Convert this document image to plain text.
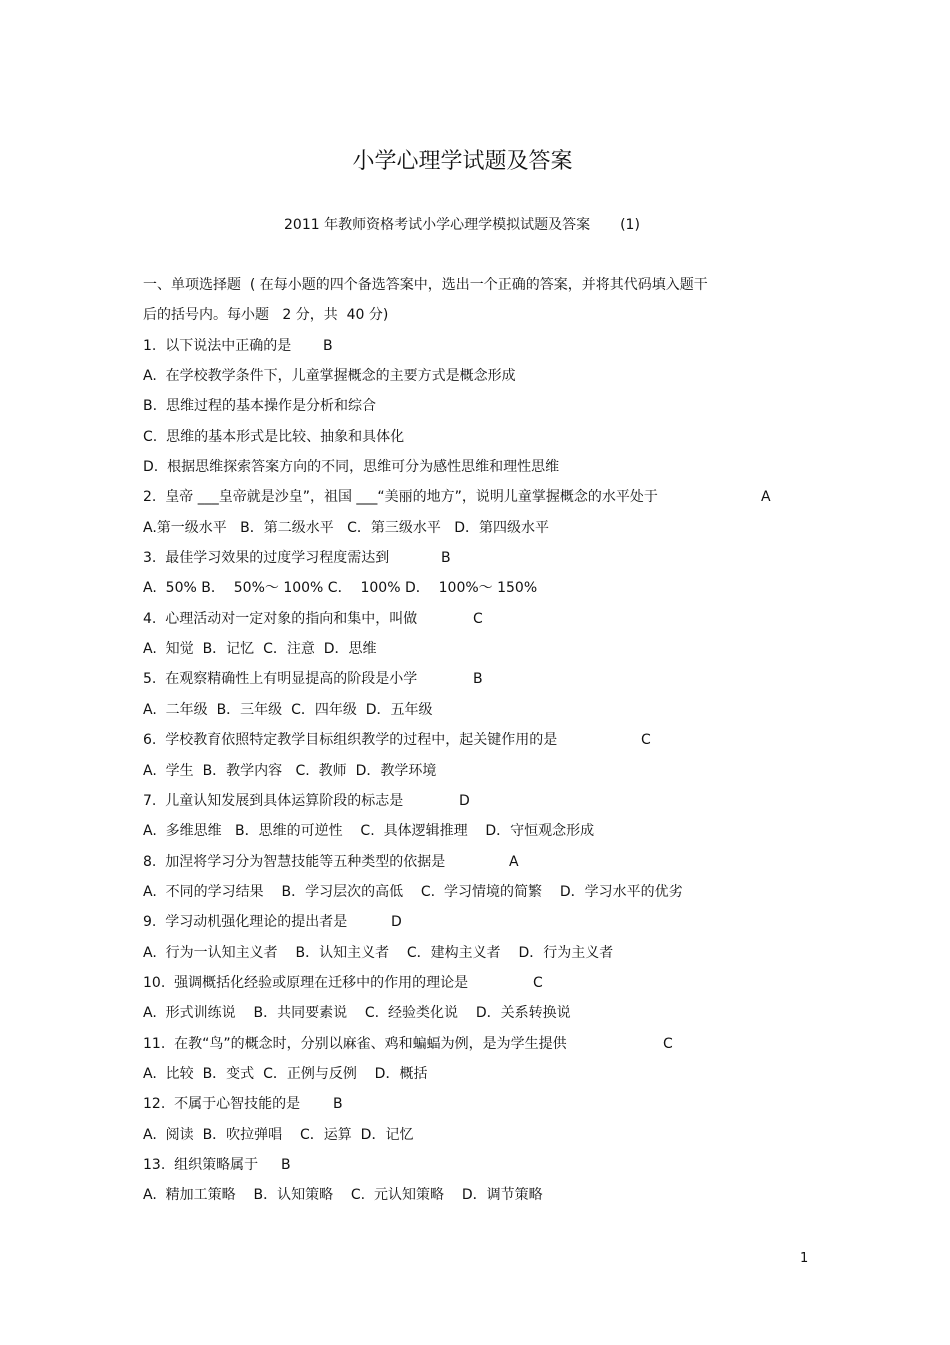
小学心理学试题及答案
2011 年教师资格考试小学心理学模拟试题及答案 (1)
一、单项选择题  ( 在每小题的四个备选答案中，选出一个正确的答案，并将其代码填入题干
后的括号内。每小题   2 分，共  40 分)
1.  以下说法中正确的是 B
A.  在学校教学条件下，儿童掌握概念的主要方式是概念形成
B.  思维过程的基本操作是分析和综合
C.  思维的基本形式是比较、抽象和具体化
D.  根据思维探索答案方向的不同，思维可分为感性思维和理性思维
2.  皇帝 ___皇帝就是沙皇”，祖国 ___“美丽的地方”，说明儿童掌握概念的水平处于	A
A.第一级水平   B．第二级水平   C．第三级水平   D．第四级水平
3.  最佳学习效果的过度学习程度需达到	B
A.  50% B．  50%～ 100% C．  100% D．  100%～ 150%
4.  心理活动对一定对象的指向和集中，叫做	C
A.  知觉  B．记忆  C．注意  D．思维
5.  在观察精确性上有明显提高的阶段是小学	B
A.  二年级  B．三年级  C．四年级  D．五年级
6.  学校教育依照特定教学目标组织教学的过程中，起关键作用的是	C
A.  学生  B．教学内容   C.  教师  D．教学环境
7.  儿童认知发展到具体运算阶段的标志是	D
A.  多维思维   B．思维的可逆性    C.  具体逻辑推理    D．守恒观念形成
8.  加涅将学习分为智慧技能等五种类型的依据是	A
A.  不同的学习结果    B．学习层次的高低    C.  学习情境的简繁    D．学习水平的优劣
9.  学习动机强化理论的提出者是	D
A.  行为一认知主义者    B．认知主义者    C．建构主义者    D．行为主义者
10.  强调概括化经验或原理在迁移中的作用的理论是	C
A.  形式训练说    B．共同要素说    C.  经验类化说    D．关系转换说
11.  在教“鸟”的概念时，分别以麻雀、鸡和蝙蝠为例，是为学生提供	C
A.  比较  B．变式  C．正例与反例    D．概括
12.  不属于心智技能的是 B
A.  阅读  B．吹拉弹唱    C．运算  D．记忆
13.  组织策略属于 B
A.  精加工策略    B．认知策略    C.  元认知策略    D．调节策略
1
